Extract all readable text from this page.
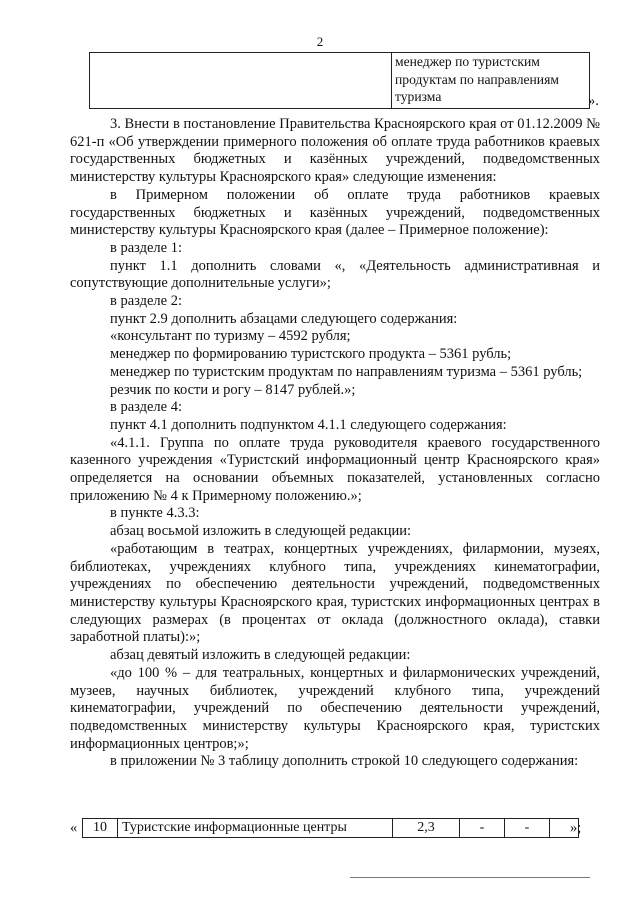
2

менеджер по туристским
продуктам по направлениям
туризма	».

3. Внести в постановление Правительства Красноярского края от 01.12.2009 № 621-п «Об утверждении примерного положения об оплате труда работников краевых государственных бюджетных и казённых учреждений, подведомственных министерству культуры Красноярского края» следующие изменения:

в Примерном положении об оплате труда работников краевых государственных бюджетных и казённых учреждений, подведомственных министерству культуры Красноярского края (далее – Примерное положение):

в разделе 1:

пункт 1.1 дополнить словами «, «Деятельность административная и сопутствующие дополнительные услуги»;

в разделе 2:

пункт 2.9 дополнить абзацами следующего содержания:

«консультант по туризму – 4592 рубля;

менеджер по формированию туристского продукта – 5361 рубль;

менеджер по туристским продуктам по направлениям туризма – 5361 рубль;

резчик по кости и рогу – 8147 рублей.»;

в разделе 4:

пункт 4.1 дополнить подпунктом 4.1.1 следующего содержания:

«4.1.1. Группа по оплате труда руководителя краевого государственного казенного учреждения «Туристский информационный центр Красноярского края» определяется на основании объемных показателей, установленных согласно приложению № 4 к Примерному положению.»;

в пункте 4.3.3:

абзац восьмой изложить в следующей редакции:

«работающим в театрах, концертных учреждениях, филармонии, музеях, библиотеках, учреждениях клубного типа, учреждениях кинематографии, учреждениях по обеспечению деятельности учреждений, подведомственных министерству культуры Красноярского края, туристских информационных центрах в следующих размерах (в процентах от оклада (должностного оклада), ставки заработной платы):»;

абзац девятый изложить в следующей редакции:

«до 100 % – для театральных, концертных и филармонических учреждений, музеев, научных библиотек, учреждений клубного типа, учреждений кинематографии, учреждений по обеспечению деятельности учреждений, подведомственных министерству культуры Красноярского края, туристских информационных центров;»;

в приложении № 3 таблицу дополнить строкой 10 следующего содержания:

« 10	Туристские информационные центры	2,3	-	-		»;
